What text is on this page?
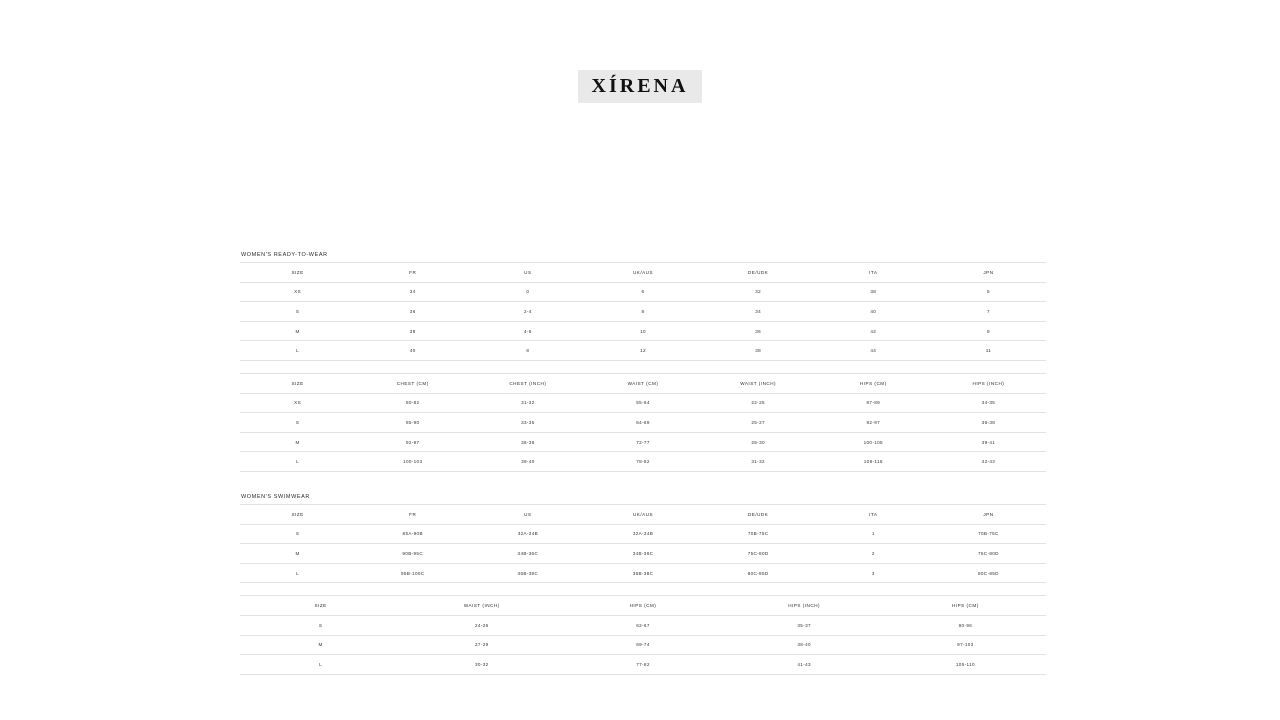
XÍRENA
WOMEN'S READY-TO-WEAR
SIZE	FR	US	UK/AUS	DE/UDK	ITA	JPN
XS	34	0	6	32	38	5
S	36	2-4	8	34	40	7
M	38	4-6	10	36	42	9
L	40	8	12	38	44	11
SIZE	CHEST (CM)	CHEST (INCH)	WAIST (CM)	WAIST (INCH)	HIPS (CM)	HIPS (INCH)
XS	80-82	31-32	55-64	22-25	87-89	34-35
S	85-90	33-35	64-69	25-27	92-97	36-38
M	92-97	36-38	72-77	28-30	100-105	39-41
L	100-103	39-40	78-82	31-32	108-116	42-43
WOMEN'S SWIMWEAR
SIZE	FR	US	UK/AUS	DE/UDK	ITA	JPN
S	85A-90B	32A-34B	32A-34B	70B-75C	1	70B-75C
M	90B-95C	34B-36C	34B-36C	75C-80D	2	75C-80D
L	95B-100C	36B-38C	36B-38C	80C-85D	3	80C-85D
SIZE	WAIST (INCH)	HIPS (CM)	HIPS (INCH)	HIPS (CM)
S	24-26	62-67	35-37	90-96
M	27-29	69-74	38-40	97-103
L	30-32	77-82	41-43	105-110
